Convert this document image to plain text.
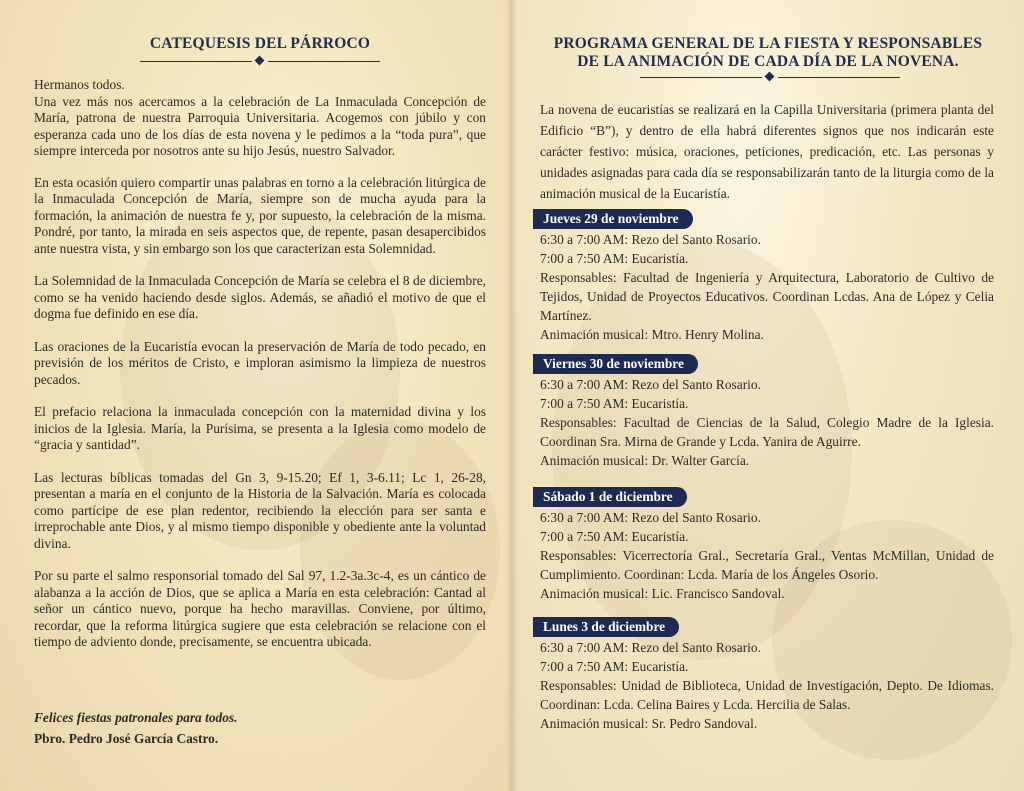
CATEQUESIS DEL PÁRROCO

Hermanos todos.
Una vez más nos acercamos a la celebración de La Inmaculada Concepción de María, patrona de nuestra Parroquia Universitaria. Acogemos con júbilo y con esperanza cada uno de los días de esta novena y le pedimos a la “toda pura”, que siempre interceda por nosotros ante su hijo Jesús, nuestro Salvador.

En esta ocasión quiero compartir unas palabras en torno a la celebración litúrgica de la Inmaculada Concepción de María, siempre son de mucha ayuda para la formación, la animación de nuestra fe y, por supuesto, la celebración de la misma. Pondré, por tanto, la mirada en seis aspectos que, de repente, pasan desapercibidos ante nuestra vista, y sin embargo son los que caracterizan esta Solemnidad.

La Solemnidad de la Inmaculada Concepción de María se celebra el 8 de diciembre, como se ha venido haciendo desde siglos. Además, se añadió el motivo de que el dogma fue definido en ese día.

Las oraciones de la Eucaristía evocan la preservación de María de todo pecado, en previsión de los méritos de Cristo, e imploran asimismo la limpieza de nuestros pecados.

El prefacio relaciona la inmaculada concepción con la maternidad divina y los inicios de la Iglesia. María, la Purísima, se presenta a la Iglesia como modelo de “gracia y santidad”.

Las lecturas bíblicas tomadas del Gn 3, 9-15.20; Ef 1, 3-6.11; Lc 1, 26-28, presentan a maría en el conjunto de la Historia de la Salvación. María es colocada como partícipe de ese plan redentor, recibiendo la elección para ser santa e irreprochable ante Dios, y al mismo tiempo disponible y obediente ante la voluntad divina.

Por su parte el salmo responsorial tomado del Sal 97, 1.2-3a.3c-4, es un cántico de alabanza a la acción de Dios, que se aplica a María en esta celebración: Cantad al señor un cántico nuevo, porque ha hecho maravillas. Conviene, por último, recordar, que la reforma litúrgica sugiere que esta celebración se relacione con el tiempo de adviento donde, precisamente, se encuentra ubicada.

Felices fiestas patronales para todos.
Pbro. Pedro José García Castro.
PROGRAMA GENERAL DE LA FIESTA Y RESPONSABLES
DE LA ANIMACIÓN DE CADA DÍA DE LA NOVENA.
La novena de eucaristías se realizará en la Capilla Universitaria (primera planta del Edificio “B”), y dentro de ella habrá diferentes signos que nos indicarán este carácter festivo: música, oraciones, peticiones, predicación, etc. Las personas y unidades asignadas para cada día se responsabilizarán tanto de la liturgia como de la animación musical de la Eucaristía.
Jueves 29 de noviembre
6:30 a 7:00 AM: Rezo del Santo Rosario.
7:00 a 7:50 AM: Eucaristía.
Responsables: Facultad de Ingeniería y Arquitectura, Laboratorio de Cultivo de Tejidos, Unidad de Proyectos Educativos. Coordinan Lcdas. Ana de López y Celia Martínez.
Animación musical: Mtro. Henry Molina.
Viernes 30 de noviembre
6:30 a 7:00 AM: Rezo del Santo Rosario.
7:00 a 7:50 AM: Eucaristía.
Responsables: Facultad de Ciencias de la Salud, Colegio Madre de la Iglesia. Coordinan Sra. Mirna de Grande y Lcda. Yanira de Aguirre.
Animación musical: Dr. Walter García.
Sábado 1 de diciembre
6:30 a 7:00 AM: Rezo del Santo Rosario.
7:00 a 7:50 AM: Eucaristía.
Responsables: Vicerrectoría Gral., Secretaría Gral., Ventas McMillan, Unidad de Cumplimiento. Coordinan: Lcda. María de los Ángeles Osorio.
Animación musical: Lic. Francisco Sandoval.
Lunes 3 de diciembre
6:30 a 7:00 AM: Rezo del Santo Rosario.
7:00 a 7:50 AM: Eucaristía.
Responsables: Unidad de Biblioteca, Unidad de Investigación, Depto. De Idiomas. Coordinan: Lcda. Celina Baires y Lcda. Hercilia de Salas.
Animación musical: Sr. Pedro Sandoval.
